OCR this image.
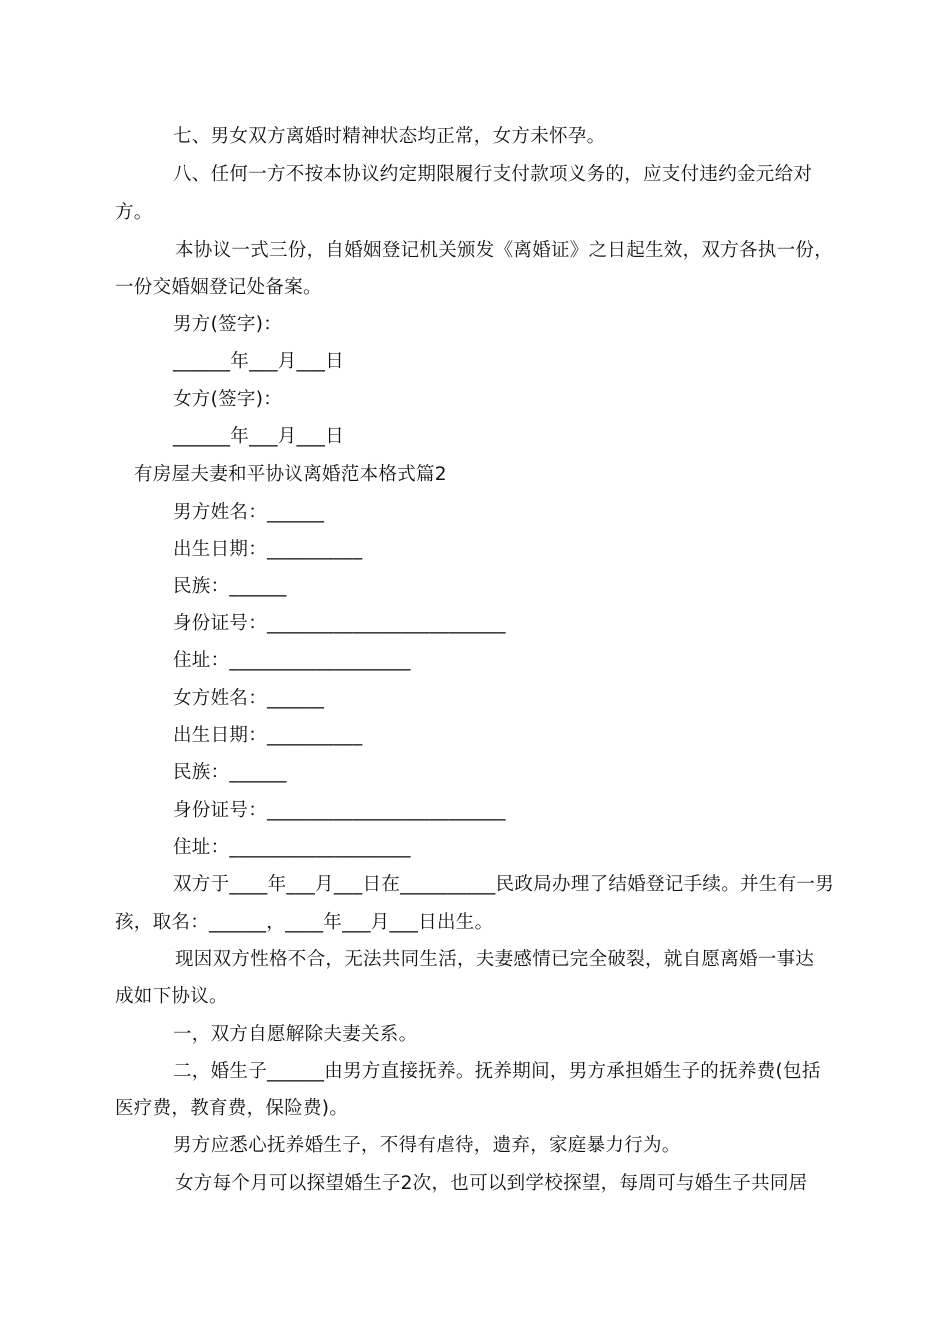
七、男女双方离婚时精神状态均正常，女方未怀孕。
八、任何一方不按本协议约定期限履行支付款项义务的，应支付违约金元给对
方。
本协议一式三份，自婚姻登记机关颁发《离婚证》之日起生效，双方各执一份，
一份交婚姻登记处备案。
男方(签字)：
______年___月___日
女方(签字)：
______年___月___日
有房屋夫妻和平协议离婚范本格式篇2
男方姓名：______
出生日期：__________
民族：______
身份证号：_________________________
住址：___________________
女方姓名：______
出生日期：__________
民族：______
身份证号：_________________________
住址：___________________
双方于____年___月___日在__________民政局办理了结婚登记手续。并生有一男
孩，取名：______，____年___月___日出生。
现因双方性格不合，无法共同生活，夫妻感情已完全破裂，就自愿离婚一事达
成如下协议。
一，双方自愿解除夫妻关系。
二，婚生子______由男方直接抚养。抚养期间，男方承担婚生子的抚养费(包括
医疗费，教育费，保险费)。
男方应悉心抚养婚生子，不得有虐待，遗弃，家庭暴力行为。
女方每个月可以探望婚生子2次，也可以到学校探望，每周可与婚生子共同居
